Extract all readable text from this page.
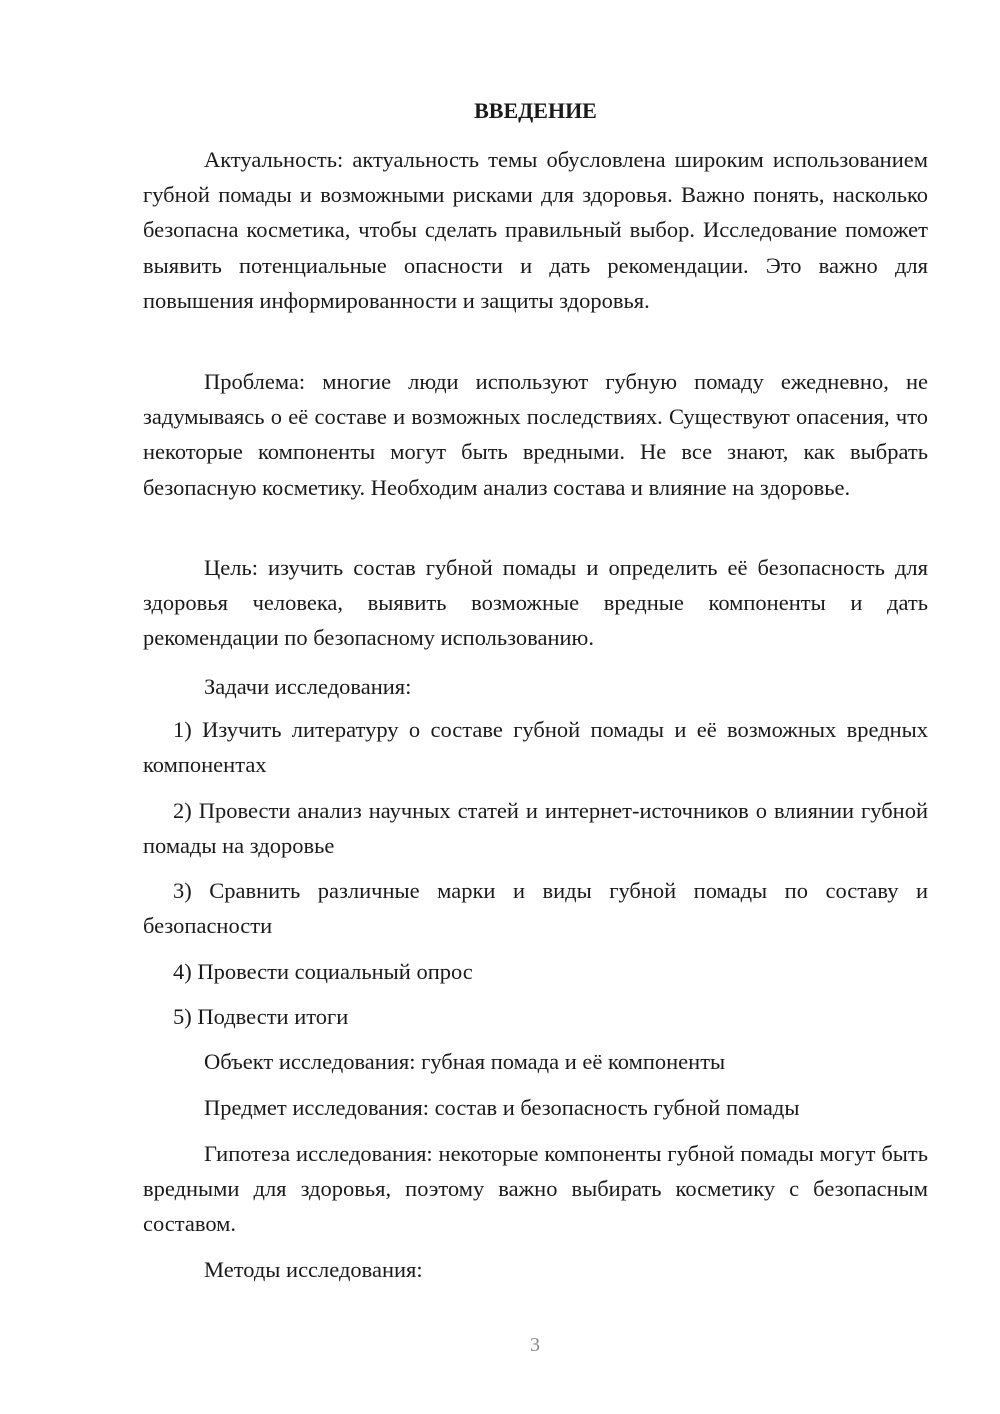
ВВЕДЕНИЕ

Актуальность: актуальность темы обусловлена широким использованием губной помады и возможными рисками для здоровья. Важно понять, насколько безопасна косметика, чтобы сделать правильный выбор. Исследование поможет выявить потенциальные опасности и дать рекомендации. Это важно для повышения информированности и защиты здоровья.

Проблема: многие люди используют губную помаду ежедневно, не задумываясь о её составе и возможных последствиях. Существуют опасения, что некоторые компоненты могут быть вредными. Не все знают, как выбрать безопасную косметику. Необходим анализ состава и влияние на здоровье.

Цель: изучить состав губной помады и определить её безопасность для здоровья человека, выявить возможные вредные компоненты и дать рекомендации по безопасному использованию.

Задачи исследования:

1) Изучить литературу о составе губной помады и её возможных вредных компонентах

2) Провести анализ научных статей и интернет-источников о влиянии губной помады на здоровье

3) Сравнить различные марки и виды губной помады по составу и безопасности

4) Провести социальный опрос

5) Подвести итоги

Объект исследования: губная помада и её компоненты

Предмет исследования: состав и безопасность губной помады

Гипотеза исследования: некоторые компоненты губной помады могут быть вредными для здоровья, поэтому важно выбирать косметику с безопасным составом.

Методы исследования:

3
